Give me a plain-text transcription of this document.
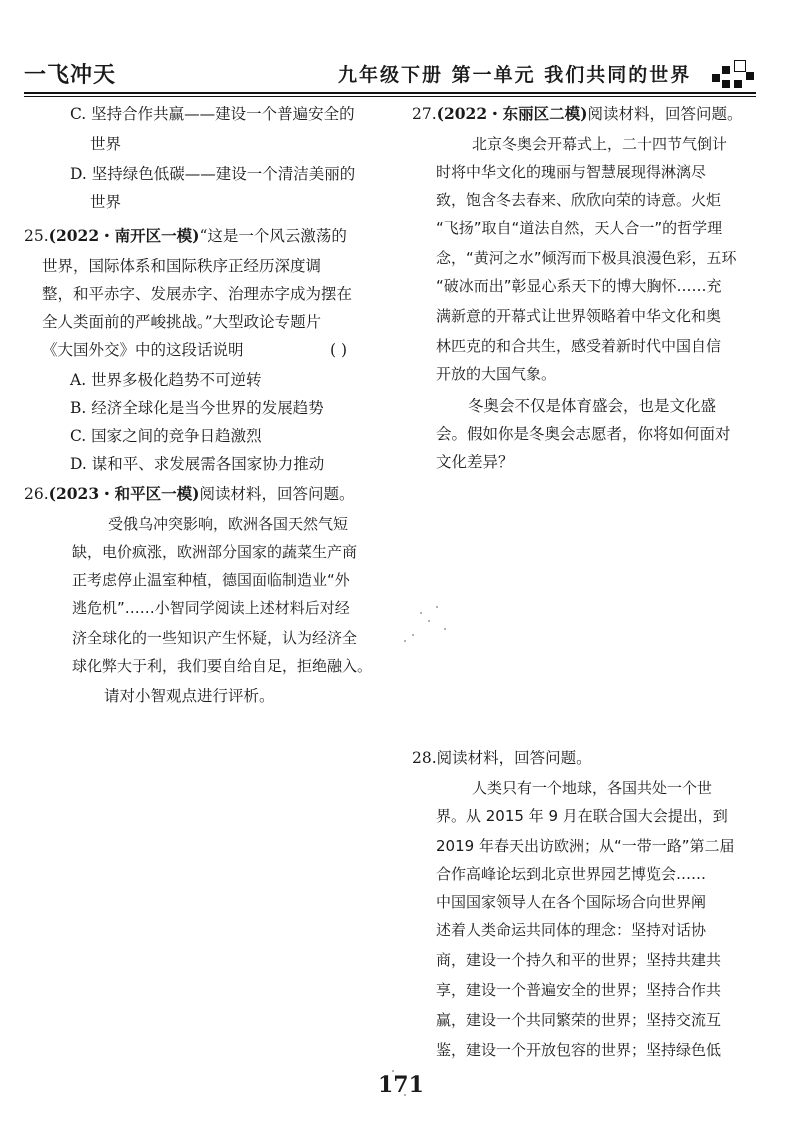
一飞冲天	九年级下册 第一单元 我们共同的世界
C. 坚持合作共赢——建设一个普遍安全的
世界
D. 坚持绿色低碳——建设一个清洁美丽的
世界
25.(2022・南开区一模)“这是一个风云激荡的
世界，国际体系和国际秩序正经历深度调
整，和平赤字、发展赤字、治理赤字成为摆在
全人类面前的严峻挑战。”大型政论专题片
《大国外交》中的这段话说明	( )
A. 世界多极化趋势不可逆转
B. 经济全球化是当今世界的发展趋势
C. 国家之间的竞争日趋激烈
D. 谋和平、求发展需各国家协力推动
26.(2023・和平区一模)阅读材料，回答问题。
受俄乌冲突影响，欧洲各国天然气短
缺，电价疯涨，欧洲部分国家的蔬菜生产商
正考虑停止温室种植，德国面临制造业“外
逃危机”……小智同学阅读上述材料后对经
济全球化的一些知识产生怀疑，认为经济全
球化弊大于利，我们要自给自足，拒绝融入。
请对小智观点进行评析。
27.(2022・东丽区二模)阅读材料，回答问题。
北京冬奥会开幕式上，二十四节气倒计
时将中华文化的瑰丽与智慧展现得淋漓尽
致，饱含冬去春来、欣欣向荣的诗意。火炬
“飞扬”取自“道法自然，天人合一”的哲学理
念，“黄河之水”倾泻而下极具浪漫色彩，五环
“破冰而出”彰显心系天下的博大胸怀……充
满新意的开幕式让世界领略着中华文化和奥
林匹克的和合共生，感受着新时代中国自信
开放的大国气象。
冬奥会不仅是体育盛会，也是文化盛
会。假如你是冬奥会志愿者，你将如何面对
文化差异？
28.阅读材料，回答问题。
人类只有一个地球，各国共处一个世
界。从 2015 年 9 月在联合国大会提出，到
2019 年春天出访欧洲；从“一带一路”第二届
合作高峰论坛到北京世界园艺博览会……
中国国家领导人在各个国际场合向世界阐
述着人类命运共同体的理念：坚持对话协
商，建设一个持久和平的世界；坚持共建共
享，建设一个普遍安全的世界；坚持合作共
赢，建设一个共同繁荣的世界；坚持交流互
鉴，建设一个开放包容的世界；坚持绿色低
171
